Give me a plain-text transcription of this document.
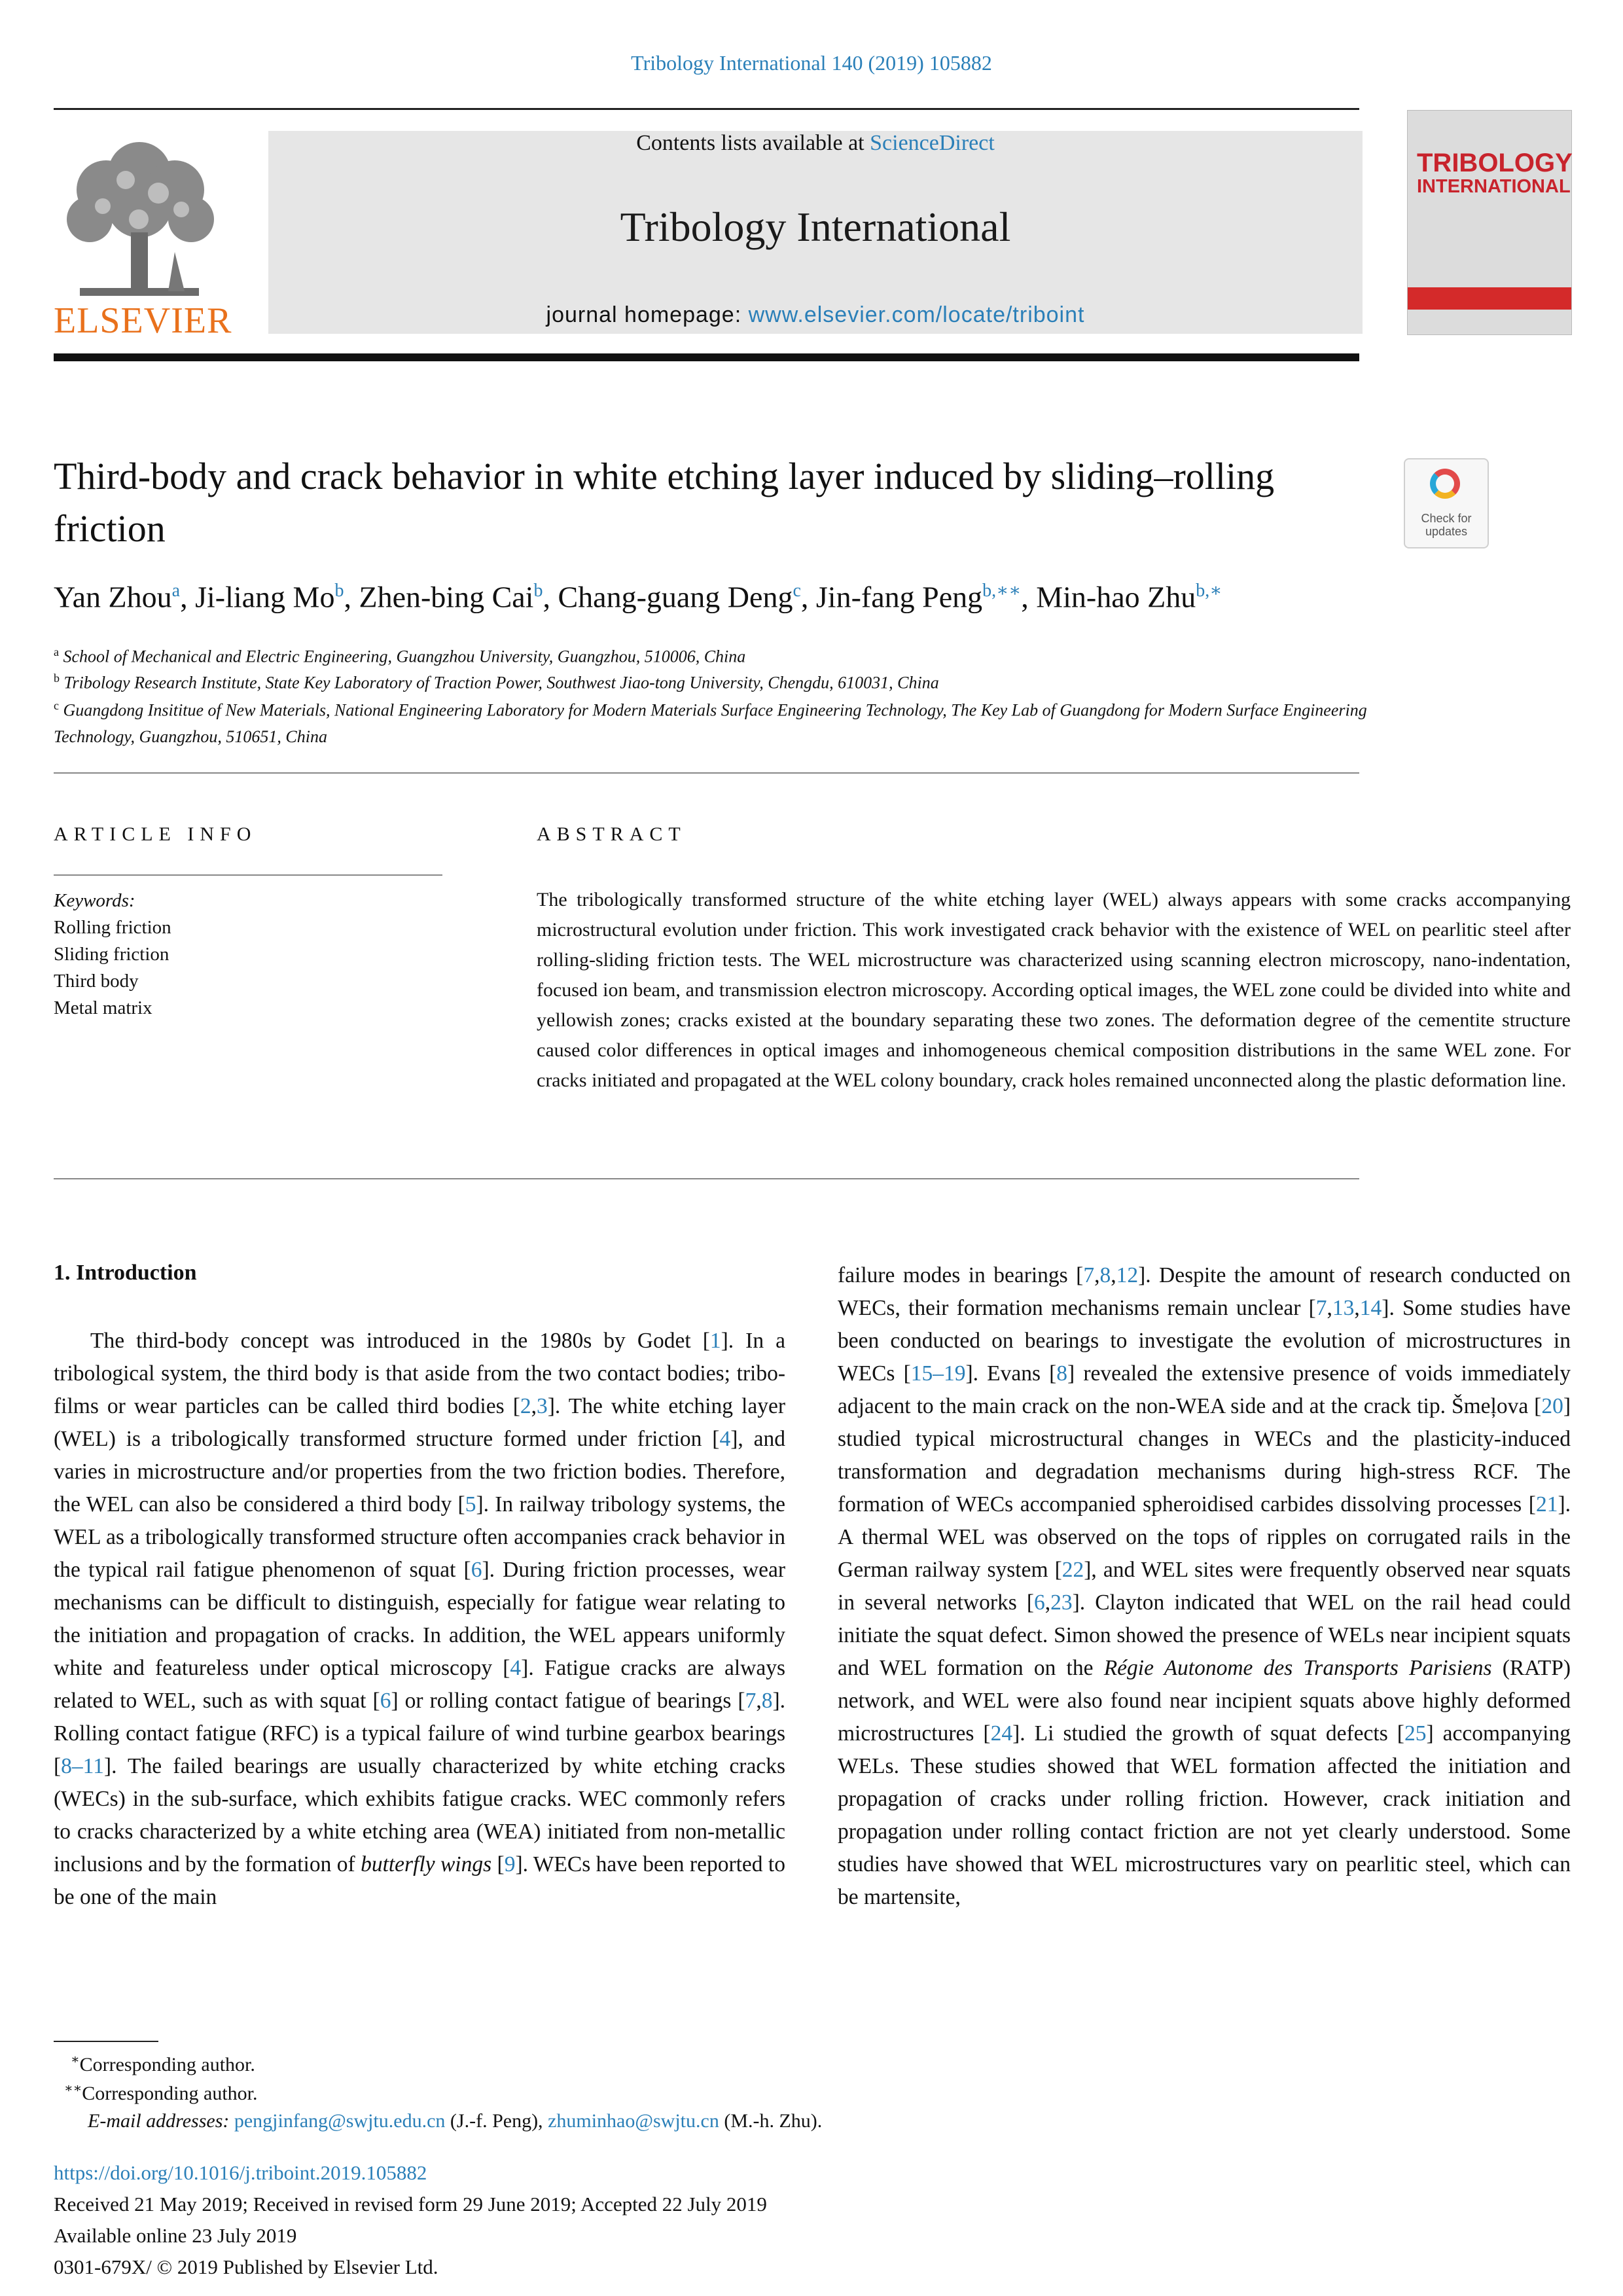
Tribology International 140 (2019) 105882
ELSEVIER
Contents lists available at ScienceDirect
Tribology International
journal homepage: www.elsevier.com/locate/triboint

TRIBOLOGY
INTERNATIONAL
Third-body and crack behavior in white etching layer induced by sliding–rolling friction	Check for updates
Yan Zhou$^a$, Ji-liang Mo$^b$, Zhen-bing Cai$^b$, Chang-guang Deng$^c$, Jin-fang Peng$^{b,∗∗}$, Min-hao Zhu$^{b,∗}$
$^a$ School of Mechanical and Electric Engineering, Guangzhou University, Guangzhou, 510006, China
$^b$ Tribology Research Institute, State Key Laboratory of Traction Power, Southwest Jiao-tong University, Chengdu, 610031, China
$^c$ Guangdong Insititue of New Materials, National Engineering Laboratory for Modern Materials Surface Engineering Technology, The Key Lab of Guangdong for Modern Surface Engineering Technology, Guangzhou, 510651, China
ARTICLE INFO	ABSTRACT
Keywords:
Rolling friction
Sliding friction
Third body
Metal matrix
The tribologically transformed structure of the white etching layer (WEL) always appears with some cracks accompanying microstructural evolution under friction. This work investigated crack behavior with the existence of WEL on pearlitic steel after rolling-sliding friction tests. The WEL microstructure was characterized using scanning electron microscopy, nano-indentation, focused ion beam, and transmission electron microscopy. According optical images, the WEL zone could be divided into white and yellowish zones; cracks existed at the boundary separating these two zones. The deformation degree of the cementite structure caused color differences in optical images and inhomogeneous chemical composition distributions in the same WEL zone. For cracks initiated and propagated at the WEL colony boundary, crack holes remained unconnected along the plastic deformation line.
1. Introduction
The third-body concept was introduced in the 1980s by Godet [1]. In a tribological system, the third body is that aside from the two contact bodies; tribo-films or wear particles can be called third bodies [2,3]. The white etching layer (WEL) is a tribologically transformed structure formed under friction [4], and varies in microstructure and/or properties from the two friction bodies. Therefore, the WEL can also be considered a third body [5]. In railway tribology systems, the WEL as a tribologically transformed structure often accompanies crack behavior in the typical rail fatigue phenomenon of squat [6]. During friction processes, wear mechanisms can be difficult to distinguish, especially for fatigue wear relating to the initiation and propagation of cracks. In addition, the WEL appears uniformly white and featureless under optical microscopy [4]. Fatigue cracks are always related to WEL, such as with squat [6] or rolling contact fatigue of bearings [7,8]. Rolling contact fatigue (RFC) is a typical failure of wind turbine gearbox bearings [8–11]. The failed bearings are usually characterized by white etching cracks (WECs) in the sub-surface, which exhibits fatigue cracks. WEC commonly refers to cracks characterized by a white etching area (WEA) initiated from non-metallic inclusions and by the formation of butterfly wings [9]. WECs have been reported to be one of the main
failure modes in bearings [7,8,12]. Despite the amount of research conducted on WECs, their formation mechanisms remain unclear [7,13,14]. Some studies have been conducted on bearings to investigate the evolution of microstructures in WECs [15–19]. Evans [8] revealed the extensive presence of voids immediately adjacent to the main crack on the non-WEA side and at the crack tip. Šmeļova [20] studied typical microstructural changes in WECs and the plasticity-induced transformation and degradation mechanisms during high-stress RCF. The formation of WECs accompanied spheroidised carbides dissolving processes [21]. A thermal WEL was observed on the tops of ripples on corrugated rails in the German railway system [22], and WEL sites were frequently observed near squats in several networks [6,23]. Clayton indicated that WEL on the rail head could initiate the squat defect. Simon showed the presence of WELs near incipient squats and WEL formation on the Régie Autonome des Transports Parisiens (RATP) network, and WEL were also found near incipient squats above highly deformed microstructures [24]. Li studied the growth of squat defects [25] accompanying WELs. These studies showed that WEL formation affected the initiation and propagation of cracks under rolling friction. However, crack initiation and propagation under rolling contact friction are not yet clearly understood. Some studies have showed that WEL microstructures vary on pearlitic steel, which can be martensite,
∗Corresponding author.
∗∗Corresponding author.
E-mail addresses: pengjinfang@swjtu.edu.cn (J.-f. Peng), zhuminhao@swjtu.cn (M.-h. Zhu).
https://doi.org/10.1016/j.triboint.2019.105882
Received 21 May 2019; Received in revised form 29 June 2019; Accepted 22 July 2019
Available online 23 July 2019
0301-679X/ © 2019 Published by Elsevier Ltd.
